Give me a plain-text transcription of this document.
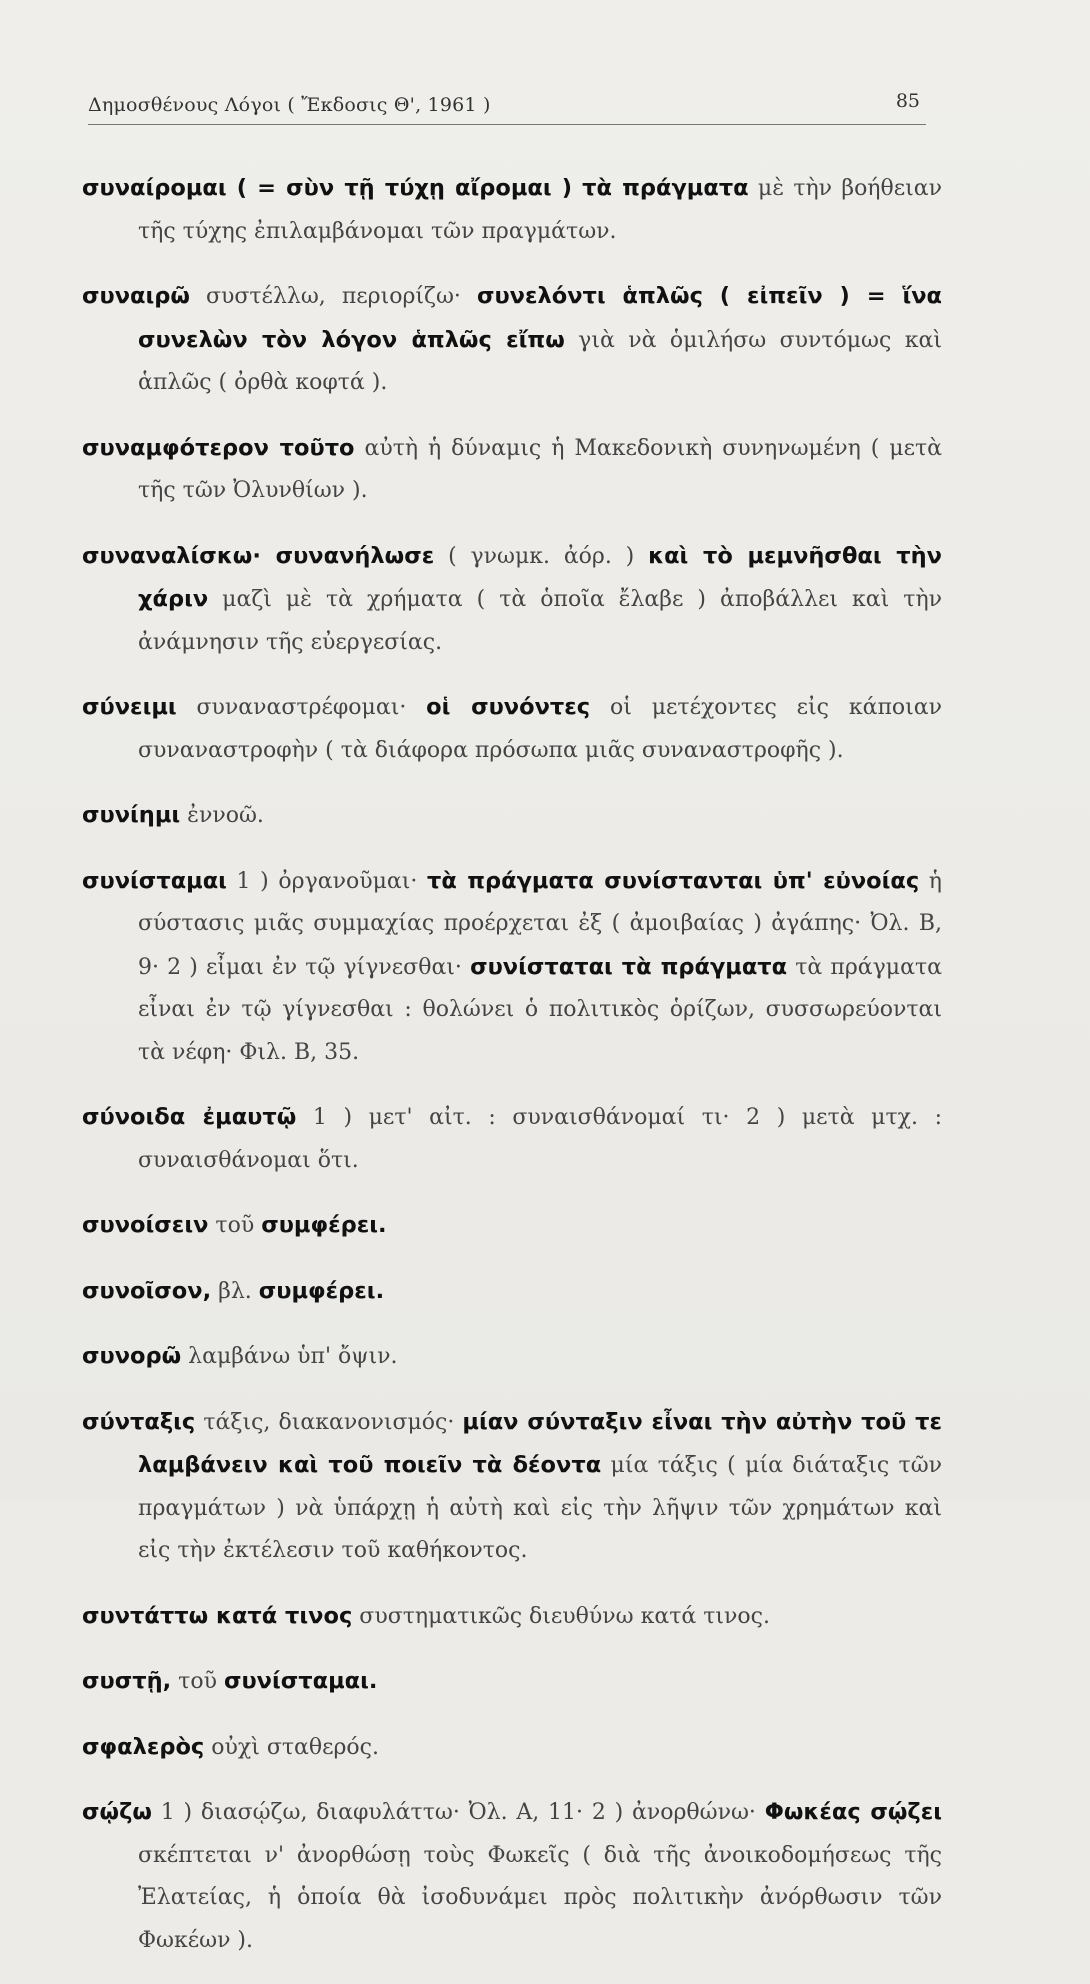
Δημοσθένους Λόγοι ( Ἔκδοσις Θ', 1961 )	85

συναίρομαι ( = σὺν τῇ τύχῃ αἴρομαι ) τὰ πράγματα μὲ τὴν βοήθειαν τῆς τύχης ἐπιλαμβάνομαι τῶν πραγμάτων.

συναιρῶ συστέλλω, περιορίζω· συνελόντι ἁπλῶς ( εἰπεῖν ) = ἵνα συνελὼν τὸν λόγον ἁπλῶς εἴπω γιὰ νὰ ὁμιλήσω συντόμως καὶ ἁπλῶς ( ὀρθὰ κοφτά ).

συναμφότερον τοῦτο αὐτὴ ἡ δύναμις ἡ Μακεδονικὴ συνηνωμένη ( μετὰ τῆς τῶν Ὀλυνθίων ).

συναναλίσκω· συνανήλωσε ( γνωμκ. ἀόρ. ) καὶ τὸ μεμνῆσθαι τὴν χάριν μαζὶ μὲ τὰ χρήματα ( τὰ ὁποῖα ἔλαβε ) ἀποβάλλει καὶ τὴν ἀνάμνησιν τῆς εὐεργεσίας.

σύνειμι συναναστρέφομαι· οἱ συνόντες οἱ μετέχοντες εἰς κάποιαν συναναστροφὴν ( τὰ διάφορα πρόσωπα μιᾶς συναναστροφῆς ).

συνίημι ἐννοῶ.

συνίσταμαι 1 ) ὀργανοῦμαι· τὰ πράγματα συνίστανται ὑπ' εὐνοίας ἡ σύστασις μιᾶς συμμαχίας προέρχεται ἐξ ( ἀμοιβαίας ) ἀγάπης· Ὀλ. Β, 9· 2 ) εἶμαι ἐν τῷ γίγνεσθαι· συνίσταται τὰ πράγματα τὰ πράγματα εἶναι ἐν τῷ γίγνεσθαι : θολώνει ὁ πολιτικὸς ὁρίζων, συσσωρεύονται τὰ νέφη· Φιλ. Β, 35.

σύνοιδα ἐμαυτῷ 1 ) μετ' αἰτ. : συναισθάνομαί τι· 2 ) μετὰ μτχ. : συναισθάνομαι ὅτι.

συνοίσειν τοῦ συμφέρει.

συνοῖσον, βλ. συμφέρει.

συνορῶ λαμβάνω ὑπ' ὄψιν.

σύνταξις τάξις, διακανονισμός· μίαν σύνταξιν εἶναι τὴν αὐτὴν τοῦ τε λαμβάνειν καὶ τοῦ ποιεῖν τὰ δέοντα μία τάξις ( μία διάταξις τῶν πραγμάτων ) νὰ ὑπάρχῃ ἡ αὐτὴ καὶ εἰς τὴν λῆψιν τῶν χρημάτων καὶ εἰς τὴν ἐκτέλεσιν τοῦ καθήκοντος.

συντάττω κατά τινος συστηματικῶς διευθύνω κατά τινος.

συστῇ, τοῦ συνίσταμαι.

σφαλερὸς οὐχὶ σταθερός.

σῴζω 1 ) διασῴζω, διαφυλάττω· Ὀλ. Α, 11· 2 ) ἀνορθώνω· Φωκέας σῴζει σκέπτεται ν' ἀνορθώσῃ τοὺς Φωκεῖς ( διὰ τῆς ἀνοικοδομήσεως τῆς Ἐλατείας, ἡ ὁποία θὰ ἰσοδυνάμει πρὸς πολιτικὴν ἀνόρθωσιν τῶν Φωκέων ).
